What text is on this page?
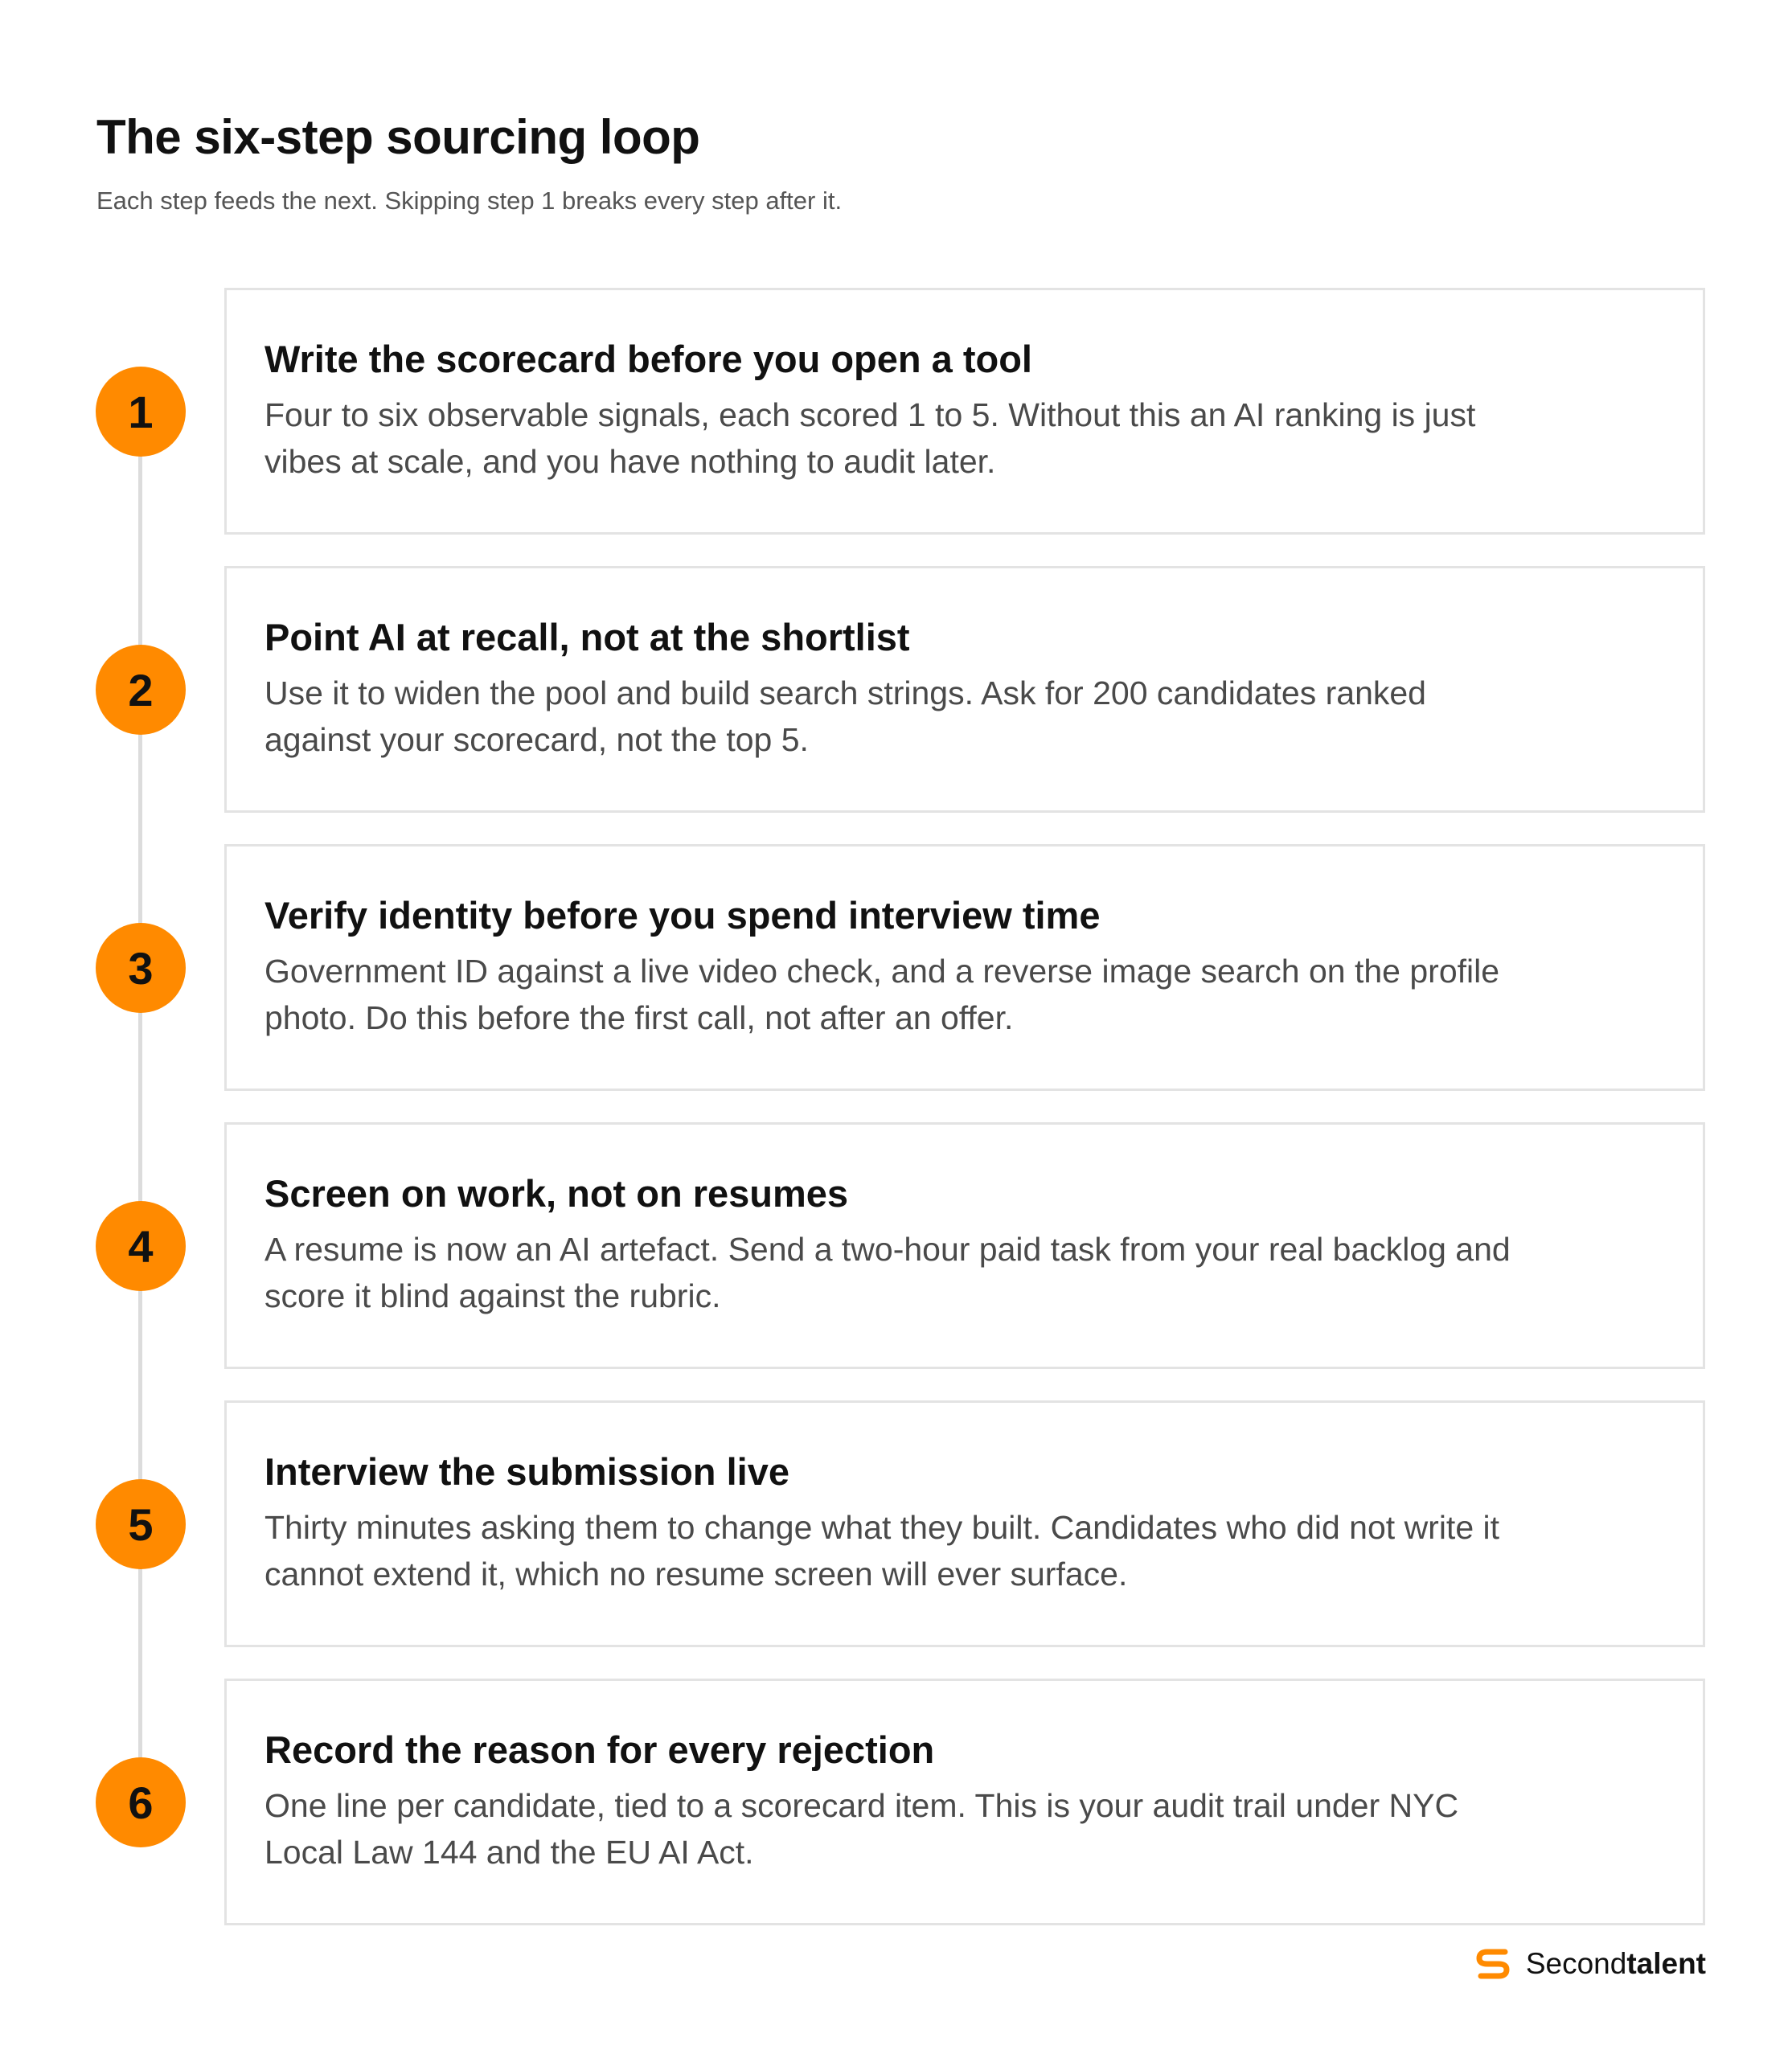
The six-step sourcing loop

Each step feeds the next. Skipping step 1 breaks every step after it.

1
Write the scorecard before you open a tool

Four to six observable signals, each scored 1 to 5. Without this an AI ranking is just vibes at scale, and you have nothing to audit later.

2
Point AI at recall, not at the shortlist

Use it to widen the pool and build search strings. Ask for 200 candidates ranked against your scorecard, not the top 5.

3
Verify identity before you spend interview time

Government ID against a live video check, and a reverse image search on the profile photo. Do this before the first call, not after an offer.

4
Screen on work, not on resumes

A resume is now an AI artefact. Send a two-hour paid task from your real backlog and score it blind against the rubric.

5
Interview the submission live

Thirty minutes asking them to change what they built. Candidates who did not write it cannot extend it, which no resume screen will ever surface.

6
Record the reason for every rejection

One line per candidate, tied to a scorecard item. This is your audit trail under NYC Local Law 144 and the EU AI Act.

Secondtalent
